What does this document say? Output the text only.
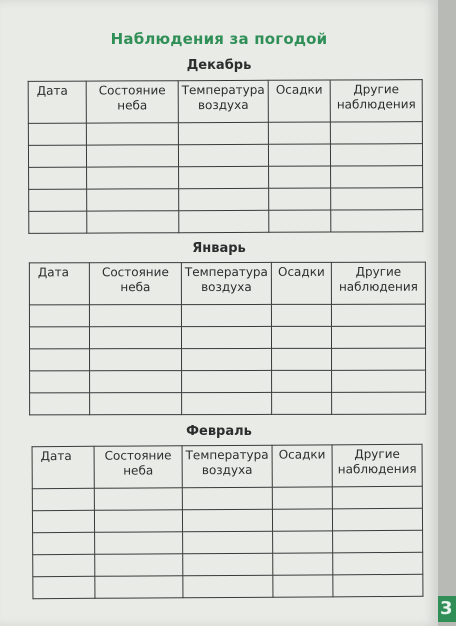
3
Наблюдения за погодой
Декабрь
Дата	Состояние неба	Температура воздуха	Осадки	Другие наблюдения

Январь
Дата	Состояние неба	Температура воздуха	Осадки	Другие наблюдения

Февраль
Дата	Состояние неба	Температура воздуха	Осадки	Другие наблюдения
